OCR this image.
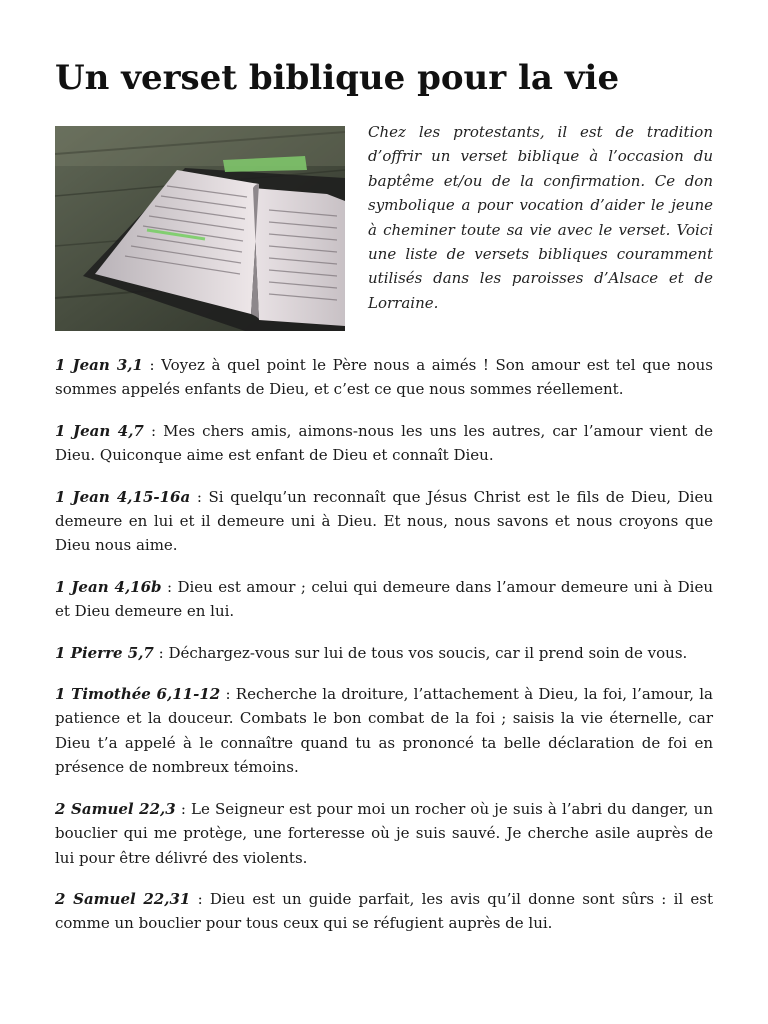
Un verset biblique pour la vie

Chez les protestants, il est de tradition d’offrir un verset biblique à l’occasion du baptême et/ou de la confirmation. Ce don symbolique a pour vocation d’aider le jeune à cheminer toute sa vie avec le verset. Voici une liste de versets bibliques couramment utilisés dans les paroisses d’Alsace et de Lorraine.

1 Jean 3,1 : Voyez à quel point le Père nous a aimés ! Son amour est tel que nous sommes appelés enfants de Dieu, et c’est ce que nous sommes réellement.

1 Jean 4,7 : Mes chers amis, aimons-nous les uns les autres, car l’amour vient de Dieu. Quiconque aime est enfant de Dieu et connaît Dieu.

1 Jean 4,15-16a : Si quelqu’un reconnaît que Jésus Christ est le fils de Dieu, Dieu demeure en lui et il demeure uni à Dieu. Et nous, nous savons et nous croyons que Dieu nous aime.

1 Jean 4,16b : Dieu est amour ; celui qui demeure dans l’amour demeure uni à Dieu et Dieu demeure en lui.

1 Pierre 5,7 : Déchargez-vous sur lui de tous vos soucis, car il prend soin de vous.

1 Timothée 6,11-12 : Recherche la droiture, l’attachement à Dieu, la foi, l’amour, la patience et la douceur. Combats le bon combat de la foi ; saisis la vie éternelle, car Dieu t’a appelé à le connaître quand tu as prononcé ta belle déclaration de foi en présence de nombreux témoins.

2 Samuel 22,3 : Le Seigneur est pour moi un rocher où je suis à l’abri du danger, un bouclier qui me protège, une forteresse où je suis sauvé. Je cherche asile auprès de lui pour être délivré des violents.

2 Samuel 22,31 : Dieu est un guide parfait, les avis qu’il donne sont sûrs : il est comme un bouclier pour tous ceux qui se réfugient auprès de lui.
